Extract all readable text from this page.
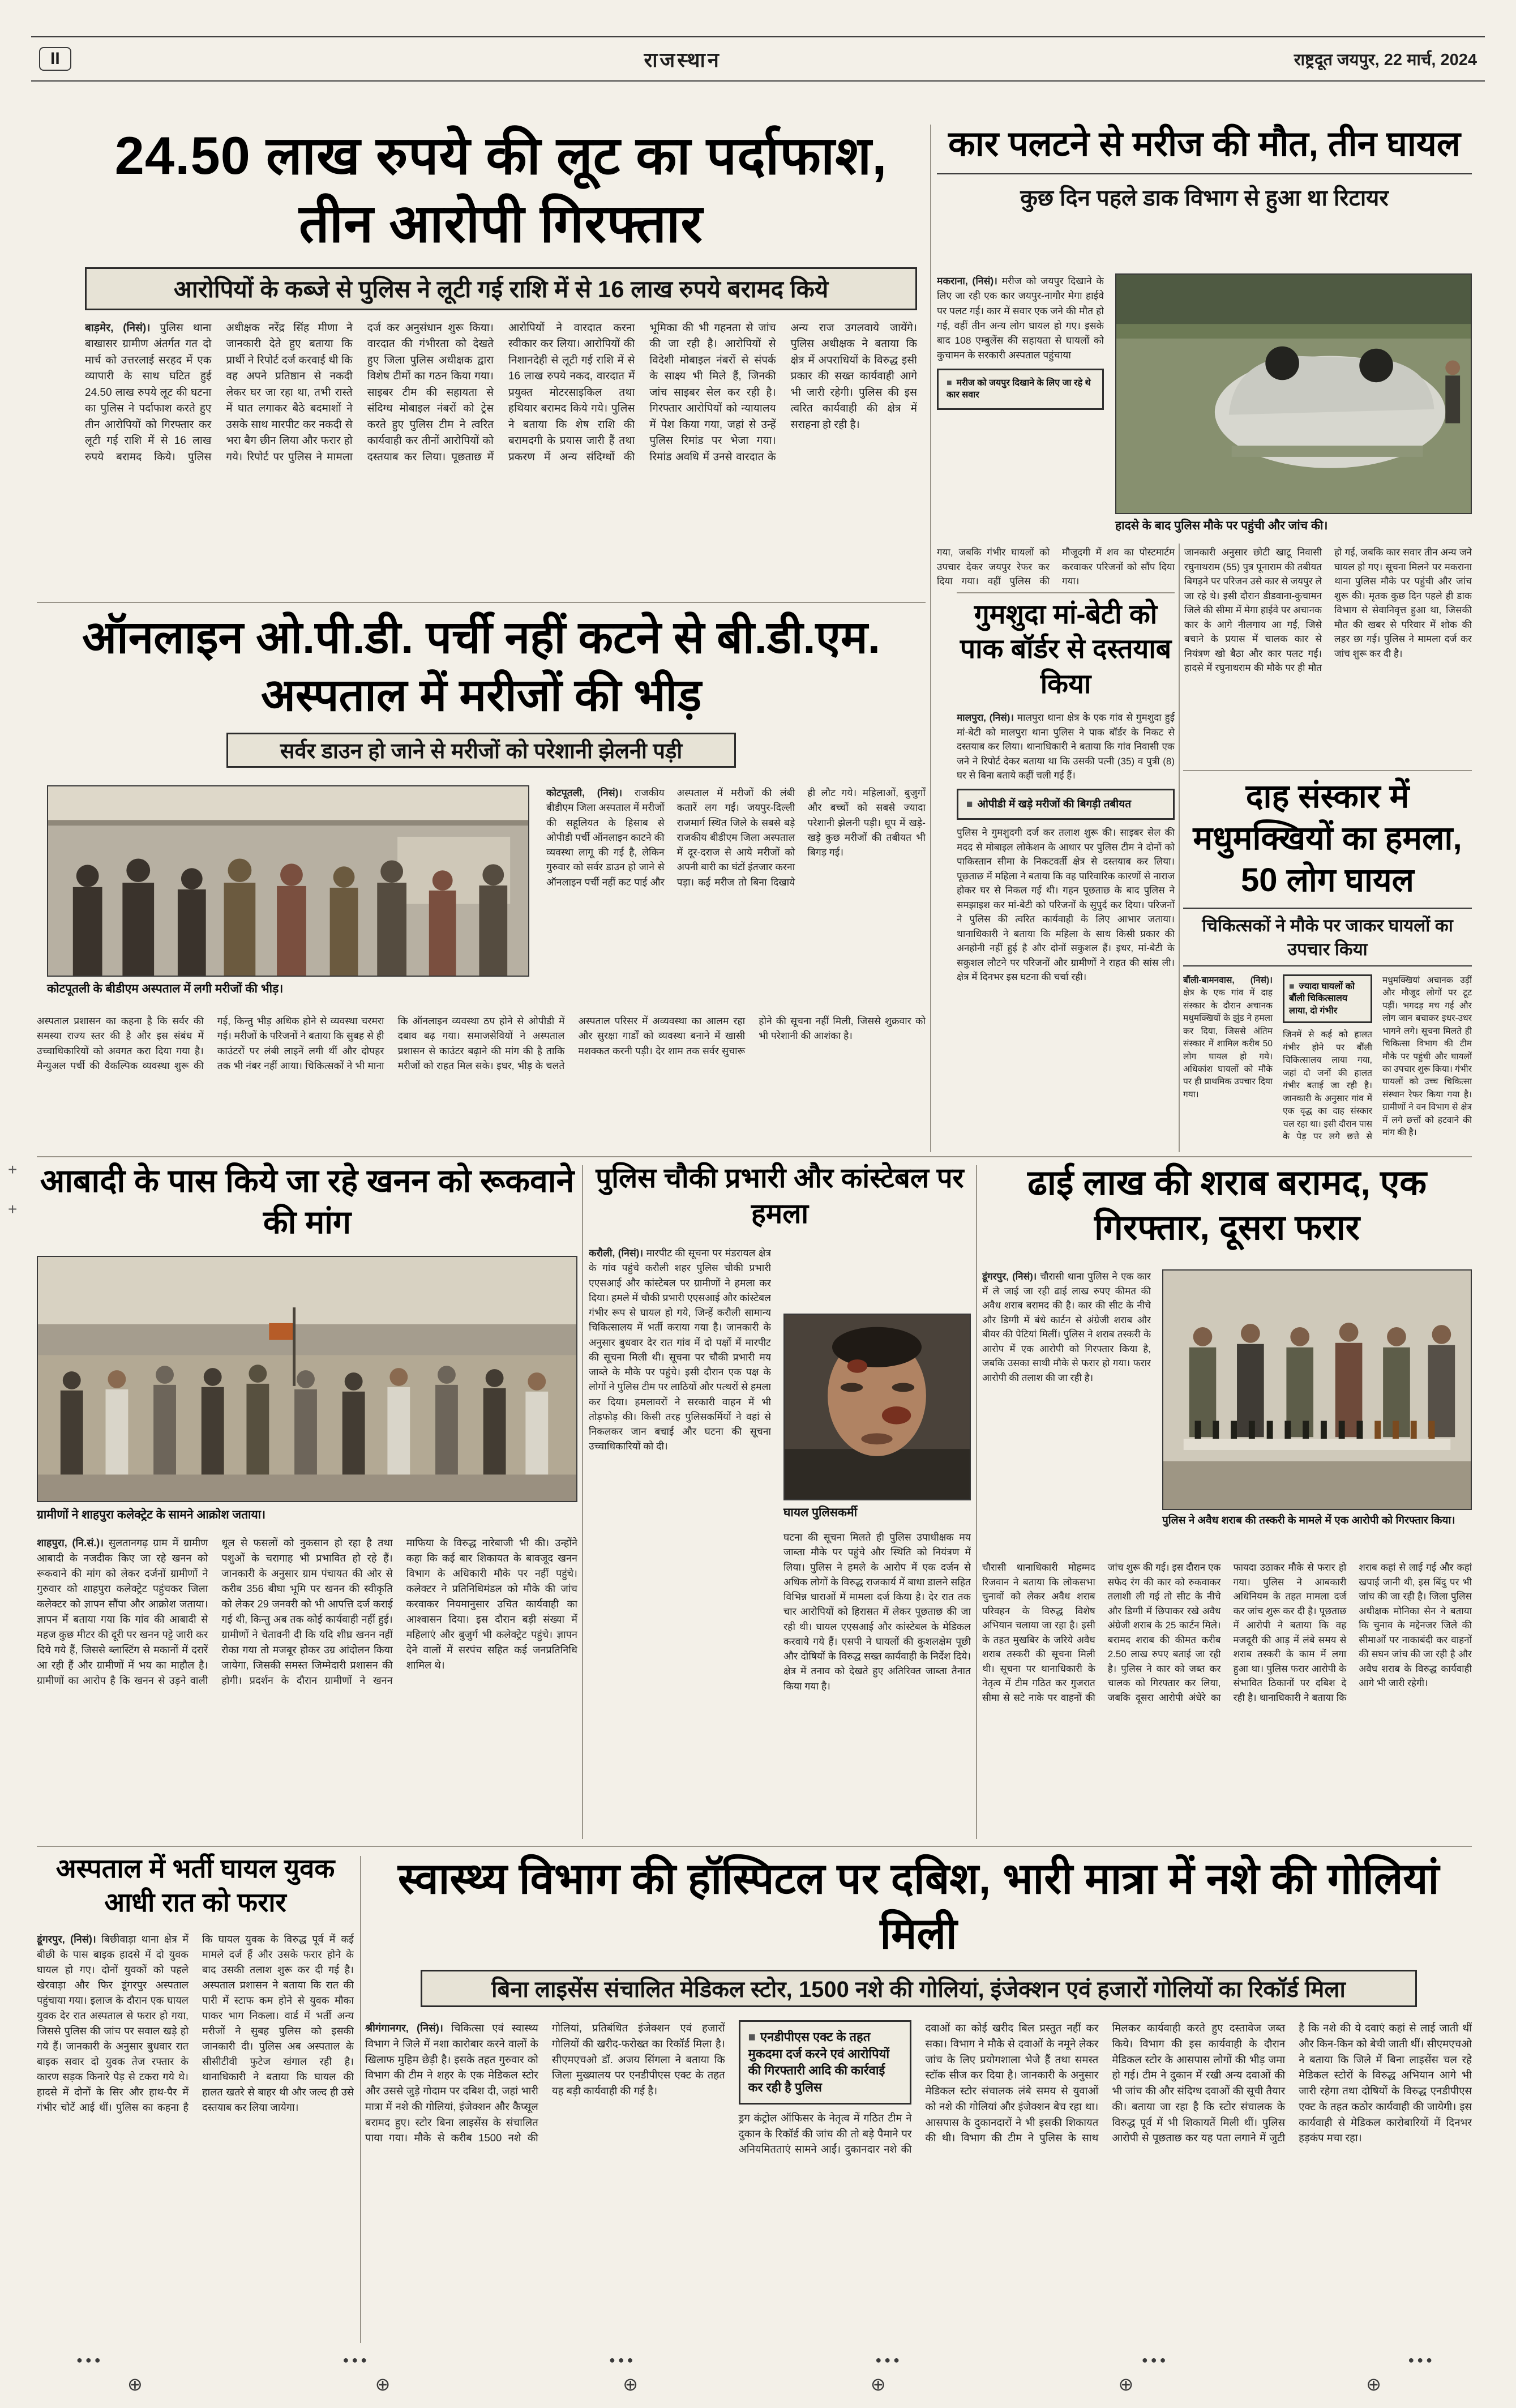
II	राजस्थान	राष्ट्रदूत जयपुर, 22 मार्च, 2024
+
+
24.50 लाख रुपये की लूट का पर्दाफाश, तीन आरोपी गिरफ्तार
आरोपियों के कब्जे से पुलिस ने लूटी गई राशि में से 16 लाख रुपये बरामद किये

बाड़मेर, (निसं)। पुलिस थाना बाखासर ग्रामीण अंतर्गत गत दो मार्च को उत्तरलाई सरहद में एक व्यापारी के साथ घटित हुई 24.50 लाख रुपये लूट की घटना का पुलिस ने पर्दाफाश करते हुए तीन आरोपियों को गिरफ्तार कर लूटी गई राशि में से 16 लाख रुपये बरामद किये। पुलिस अधीक्षक नरेंद्र सिंह मीणा ने जानकारी देते हुए बताया कि प्रार्थी ने रिपोर्ट दर्ज करवाई थी कि वह अपने प्रतिष्ठान से नकदी लेकर घर जा रहा था, तभी रास्ते में घात लगाकर बैठे बदमाशों ने उसके साथ मारपीट कर नकदी से भरा बैग छीन लिया और फरार हो गये। रिपोर्ट पर पुलिस ने मामला दर्ज कर अनुसंधान शुरू किया। वारदात की गंभीरता को देखते हुए जिला पुलिस अधीक्षक द्वारा विशेष टीमों का गठन किया गया। साइबर टीम की सहायता से संदिग्ध मोबाइल नंबरों को ट्रेस करते हुए पुलिस टीम ने त्वरित कार्यवाही कर तीनों आरोपियों को दस्तयाब कर लिया। पूछताछ में आरोपियों ने वारदात करना स्वीकार कर लिया। आरोपियों की निशानदेही से लूटी गई राशि में से 16 लाख रुपये नकद, वारदात में प्रयुक्त मोटरसाइकिल तथा हथियार बरामद किये गये। पुलिस ने बताया कि शेष राशि की बरामदगी के प्रयास जारी हैं तथा प्रकरण में अन्य संदिग्धों की भूमिका की भी गहनता से जांच की जा रही है। आरोपियों से विदेशी मोबाइल नंबरों से संपर्क के साक्ष्य भी मिले हैं, जिनकी जांच साइबर सेल कर रही है। गिरफ्तार आरोपियों को न्यायालय में पेश किया गया, जहां से उन्हें पुलिस रिमांड पर भेजा गया। रिमांड अवधि में उनसे वारदात के अन्य राज उगलवाये जायेंगे। पुलिस अधीक्षक ने बताया कि क्षेत्र में अपराधियों के विरुद्ध इसी प्रकार की सख्त कार्यवाही आगे भी जारी रहेगी। पुलिस की इस त्वरित कार्यवाही की क्षेत्र में सराहना हो रही है।

कार पलटने से मरीज की मौत, तीन घायल
कुछ दिन पहले डाक विभाग से हुआ था रिटायर

मकराना, (निसं)। मरीज को जयपुर दिखाने के लिए जा रही एक कार जयपुर-नागौर मेगा हाईवे पर पलट गई। कार में सवार एक जने की मौत हो गई, वहीं तीन अन्य लोग घायल हो गए। इसके बाद 108 एम्बुलेंस की सहायता से घायलों को कुचामन के सरकारी अस्पताल पहुंचाया

■ मरीज को जयपुर दिखाने के लिए जा रहे थे कार सवार
हादसे के बाद पुलिस मौके पर पहुंची और जांच की।

गया, जबकि गंभीर घायलों को उपचार देकर जयपुर रेफर कर दिया गया। वहीं पुलिस की मौजूदगी में शव का पोस्टमार्टम करवाकर परिजनों को सौंप दिया गया।

जानकारी अनुसार छोटी खाटू निवासी रघुनाथराम (55) पुत्र पूनाराम की तबीयत बिगड़ने पर परिजन उसे कार से जयपुर ले जा रहे थे। इसी दौरान डीडवाना-कुचामन जिले की सीमा में मेगा हाईवे पर अचानक कार के आगे नीलगाय आ गई, जिसे बचाने के प्रयास में चालक कार से नियंत्रण खो बैठा और कार पलट गई। हादसे में रघुनाथराम की मौके पर ही मौत हो गई, जबकि कार सवार तीन अन्य जने घायल हो गए। सूचना मिलने पर मकराना थाना पुलिस मौके पर पहुंची और जांच शुरू की। मृतक कुछ दिन पहले ही डाक विभाग से सेवानिवृत्त हुआ था, जिसकी मौत की खबर से परिवार में शोक की लहर छा गई। पुलिस ने मामला दर्ज कर जांच शुरू कर दी है।

ऑनलाइन ओ.पी.डी. पर्ची नहीं कटने से बी.डी.एम. अस्पताल में मरीजों की भीड़
सर्वर डाउन हो जाने से मरीजों को परेशानी झेलनी पड़ी
कोटपूतली के बीडीएम अस्पताल में लगी मरीजों की भीड़।

कोटपूतली, (निसं)। राजकीय बीडीएम जिला अस्पताल में मरीजों की सहूलियत के हिसाब से ओपीडी पर्ची ऑनलाइन काटने की व्यवस्था लागू की गई है, लेकिन गुरुवार को सर्वर डाउन हो जाने से ऑनलाइन पर्ची नहीं कट पाई और अस्पताल में मरीजों की लंबी कतारें लग गईं। जयपुर-दिल्ली राजमार्ग स्थित जिले के सबसे बड़े राजकीय बीडीएम जिला अस्पताल में दूर-दराज से आये मरीजों को अपनी बारी का घंटों इंतजार करना पड़ा। कई मरीज तो बिना दिखाये ही लौट गये। महिलाओं, बुजुर्गों और बच्चों को सबसे ज्यादा परेशानी झेलनी पड़ी। धूप में खड़े-खड़े कुछ मरीजों की तबीयत भी बिगड़ गई।

अस्पताल प्रशासन का कहना है कि सर्वर की समस्या राज्य स्तर की है और इस संबंध में उच्चाधिकारियों को अवगत करा दिया गया है। मैन्युअल पर्ची की वैकल्पिक व्यवस्था शुरू की गई, किन्तु भीड़ अधिक होने से व्यवस्था चरमरा गई। मरीजों के परिजनों ने बताया कि सुबह से ही काउंटरों पर लंबी लाइनें लगी थीं और दोपहर तक भी नंबर नहीं आया। चिकित्सकों ने भी माना कि ऑनलाइन व्यवस्था ठप होने से ओपीडी में दबाव बढ़ गया। समाजसेवियों ने अस्पताल प्रशासन से काउंटर बढ़ाने की मांग की है ताकि मरीजों को राहत मिल सके। इधर, भीड़ के चलते अस्पताल परिसर में अव्यवस्था का आलम रहा और सुरक्षा गार्डों को व्यवस्था बनाने में खासी मशक्कत करनी पड़ी। देर शाम तक सर्वर सुचारू होने की सूचना नहीं मिली, जिससे शुक्रवार को भी परेशानी की आशंका है।

गुमशुदा मां-बेटी को पाक बॉर्डर से दस्तयाब किया

मालपुरा, (निसं)। मालपुरा थाना क्षेत्र के एक गांव से गुमशुदा हुई मां-बेटी को मालपुरा थाना पुलिस ने पाक बॉर्डर के निकट से दस्तयाब कर लिया। थानाधिकारी ने बताया कि गांव निवासी एक जने ने रिपोर्ट देकर बताया था कि उसकी पत्नी (35) व पुत्री (8) घर से बिना बताये कहीं चली गई हैं।

■ ओपीडी में खड़े मरीजों की बिगड़ी तबीयत

पुलिस ने गुमशुदगी दर्ज कर तलाश शुरू की। साइबर सेल की मदद से मोबाइल लोकेशन के आधार पर पुलिस टीम ने दोनों को पाकिस्तान सीमा के निकटवर्ती क्षेत्र से दस्तयाब कर लिया। पूछताछ में महिला ने बताया कि वह पारिवारिक कारणों से नाराज होकर घर से निकल गई थी। गहन पूछताछ के बाद पुलिस ने समझाइश कर मां-बेटी को परिजनों के सुपुर्द कर दिया। परिजनों ने पुलिस की त्वरित कार्यवाही के लिए आभार जताया। थानाधिकारी ने बताया कि महिला के साथ किसी प्रकार की अनहोनी नहीं हुई है और दोनों सकुशल हैं। इधर, मां-बेटी के सकुशल लौटने पर परिजनों और ग्रामीणों ने राहत की सांस ली। क्षेत्र में दिनभर इस घटना की चर्चा रही।

दाह संस्कार में मधुमक्खियों का हमला, 50 लोग घायल
चिकित्सकों ने मौके पर जाकर घायलों का उपचार किया

बौंली-बामनवास, (निसं)। क्षेत्र के एक गांव में दाह संस्कार के दौरान अचानक मधुमक्खियों के झुंड ने हमला कर दिया, जिससे अंतिम संस्कार में शामिल करीब 50 लोग घायल हो गये। अधिकांश घायलों को मौके पर ही प्राथमिक उपचार दिया गया।

■ ज्यादा घायलों को बौंली चिकित्सालय लाया, दो गंभीर

जिनमें से कई को हालत गंभीर होने पर बौंली चिकित्सालय लाया गया, जहां दो जनों की हालत गंभीर बताई जा रही है। जानकारी के अनुसार गांव में एक वृद्ध का दाह संस्कार चल रहा था। इसी दौरान पास के पेड़ पर लगे छत्ते से मधुमक्खियां अचानक उड़ीं और मौजूद लोगों पर टूट पड़ीं। भगदड़ मच गई और लोग जान बचाकर इधर-उधर भागने लगे। सूचना मिलते ही चिकित्सा विभाग की टीम मौके पर पहुंची और घायलों का उपचार शुरू किया। गंभीर घायलों को उच्च चिकित्सा संस्थान रेफर किया गया है। ग्रामीणों ने वन विभाग से क्षेत्र में लगे छत्तों को हटवाने की मांग की है।

आबादी के पास किये जा रहे खनन को रूकवाने की मांग
ग्रामीणों ने शाहपुरा कलेक्ट्रेट के सामने आक्रोश जताया।

शाहपुरा, (नि.सं.)। सुलतानगढ़ ग्राम में ग्रामीण आबादी के नजदीक किए जा रहे खनन को रूकवाने की मांग को लेकर दर्जनों ग्रामीणों ने गुरुवार को शाहपुरा कलेक्ट्रेट पहुंचकर जिला कलेक्टर को ज्ञापन सौंपा और आक्रोश जताया। ज्ञापन में बताया गया कि गांव की आबादी से महज कुछ मीटर की दूरी पर खनन पट्टे जारी कर दिये गये हैं, जिससे ब्लास्टिंग से मकानों में दरारें आ रही हैं और ग्रामीणों में भय का माहौल है। ग्रामीणों का आरोप है कि खनन से उड़ने वाली धूल से फसलों को नुकसान हो रहा है तथा पशुओं के चरागाह भी प्रभावित हो रहे हैं। जानकारी के अनुसार ग्राम पंचायत की ओर से करीब 356 बीघा भूमि पर खनन की स्वीकृति को लेकर 29 जनवरी को भी आपत्ति दर्ज कराई गई थी, किन्तु अब तक कोई कार्यवाही नहीं हुई। ग्रामीणों ने चेतावनी दी कि यदि शीघ्र खनन नहीं रोका गया तो मजबूर होकर उग्र आंदोलन किया जायेगा, जिसकी समस्त जिम्मेदारी प्रशासन की होगी। प्रदर्शन के दौरान ग्रामीणों ने खनन माफिया के विरुद्ध नारेबाजी भी की। उन्होंने कहा कि कई बार शिकायत के बावजूद खनन विभाग के अधिकारी मौके पर नहीं पहुंचे। कलेक्टर ने प्रतिनिधिमंडल को मौके की जांच करवाकर नियमानुसार उचित कार्यवाही का आश्वासन दिया। इस दौरान बड़ी संख्या में महिलाएं और बुजुर्ग भी कलेक्ट्रेट पहुंचे। ज्ञापन देने वालों में सरपंच सहित कई जनप्रतिनिधि शामिल थे।

पुलिस चौकी प्रभारी और कांस्टेबल पर हमला

करौली, (निसं)। मारपीट की सूचना पर मंडरायल क्षेत्र के गांव पहुंचे करौली शहर पुलिस चौकी प्रभारी एएसआई और कांस्टेबल पर ग्रामीणों ने हमला कर दिया। हमले में चौकी प्रभारी एएसआई और कांस्टेबल गंभीर रूप से घायल हो गये, जिन्हें करौली सामान्य चिकित्सालय में भर्ती कराया गया है। जानकारी के अनुसार बुधवार देर रात गांव में दो पक्षों में मारपीट की सूचना मिली थी। सूचना पर चौकी प्रभारी मय जाब्ते के मौके पर पहुंचे। इसी दौरान एक पक्ष के लोगों ने पुलिस टीम पर लाठियों और पत्थरों से हमला कर दिया। हमलावरों ने सरकारी वाहन में भी तोड़फोड़ की। किसी तरह पुलिसकर्मियों ने वहां से निकलकर जान बचाई और घटना की सूचना उच्चाधिकारियों को दी।

घायल पुलिसकर्मी

घटना की सूचना मिलते ही पुलिस उपाधीक्षक मय जाब्ता मौके पर पहुंचे और स्थिति को नियंत्रण में लिया। पुलिस ने हमले के आरोप में एक दर्जन से अधिक लोगों के विरुद्ध राजकार्य में बाधा डालने सहित विभिन्न धाराओं में मामला दर्ज किया है। देर रात तक चार आरोपियों को हिरासत में लेकर पूछताछ की जा रही थी। घायल एएसआई और कांस्टेबल के मेडिकल करवाये गये हैं। एसपी ने घायलों की कुशलक्षेम पूछी और दोषियों के विरुद्ध सख्त कार्यवाही के निर्देश दिये। क्षेत्र में तनाव को देखते हुए अतिरिक्त जाब्ता तैनात किया गया है।

ढाई लाख की शराब बरामद, एक गिरफ्तार, दूसरा फरार

डूंगरपुर, (निसं)। चौरासी थाना पुलिस ने एक कार में ले जाई जा रही ढाई लाख रुपए कीमत की अवैध शराब बरामद की है। कार की सीट के नीचे और डिग्गी में बंधे कार्टन से अंग्रेजी शराब और बीयर की पेटियां मिलीं। पुलिस ने शराब तस्करी के आरोप में एक आरोपी को गिरफ्तार किया है, जबकि उसका साथी मौके से फरार हो गया। फरार आरोपी की तलाश की जा रही है।

पुलिस ने अवैध शराब की तस्करी के मामले में एक आरोपी को गिरफ्तार किया।

चौरासी थानाधिकारी मोहम्मद रिजवान ने बताया कि लोकसभा चुनावों को लेकर अवैध शराब परिवहन के विरुद्ध विशेष अभियान चलाया जा रहा है। इसी के तहत मुखबिर के जरिये अवैध शराब तस्करी की सूचना मिली थी। सूचना पर थानाधिकारी के नेतृत्व में टीम गठित कर गुजरात सीमा से सटे नाके पर वाहनों की जांच शुरू की गई। इस दौरान एक सफेद रंग की कार को रुकवाकर तलाशी ली गई तो सीट के नीचे और डिग्गी में छिपाकर रखे अवैध अंग्रेजी शराब के 25 कार्टन मिले। बरामद शराब की कीमत करीब 2.50 लाख रुपए बताई जा रही है। पुलिस ने कार को जब्त कर चालक को गिरफ्तार कर लिया, जबकि दूसरा आरोपी अंधेरे का फायदा उठाकर मौके से फरार हो गया। पुलिस ने आबकारी अधिनियम के तहत मामला दर्ज कर जांच शुरू कर दी है। पूछताछ में आरोपी ने बताया कि वह मजदूरी की आड़ में लंबे समय से शराब तस्करी के काम में लगा हुआ था। पुलिस फरार आरोपी के संभावित ठिकानों पर दबिश दे रही है। थानाधिकारी ने बताया कि शराब कहां से लाई गई और कहां खपाई जानी थी, इस बिंदु पर भी जांच की जा रही है। जिला पुलिस अधीक्षक मोनिका सेन ने बताया कि चुनाव के मद्देनजर जिले की सीमाओं पर नाकाबंदी कर वाहनों की सघन जांच की जा रही है और अवैध शराब के विरुद्ध कार्यवाही आगे भी जारी रहेगी।

अस्पताल में भर्ती घायल युवक आधी रात को फरार

डूंगरपुर, (निसं)। बिछीवाड़ा थाना क्षेत्र में बीछी के पास बाइक हादसे में दो युवक घायल हो गए। दोनों युवकों को पहले खेरवाड़ा और फिर डूंगरपुर अस्पताल पहुंचाया गया। इलाज के दौरान एक घायल युवक देर रात अस्पताल से फरार हो गया, जिससे पुलिस की जांच पर सवाल खड़े हो गये हैं। जानकारी के अनुसार बुधवार रात बाइक सवार दो युवक तेज रफ्तार के कारण सड़क किनारे पेड़ से टकरा गये थे। हादसे में दोनों के सिर और हाथ-पैर में गंभीर चोटें आई थीं। पुलिस का कहना है कि घायल युवक के विरुद्ध पूर्व में कई मामले दर्ज हैं और उसके फरार होने के बाद उसकी तलाश शुरू कर दी गई है। अस्पताल प्रशासन ने बताया कि रात की पारी में स्टाफ कम होने से युवक मौका पाकर भाग निकला। वार्ड में भर्ती अन्य मरीजों ने सुबह पुलिस को इसकी जानकारी दी। पुलिस अब अस्पताल के सीसीटीवी फुटेज खंगाल रही है। थानाधिकारी ने बताया कि घायल की हालत खतरे से बाहर थी और जल्द ही उसे दस्तयाब कर लिया जायेगा।

स्वास्थ्य विभाग की हॉस्पिटल पर दबिश, भारी मात्रा में नशे की गोलियां मिली
बिना लाइसेंस संचालित मेडिकल स्टोर, 1500 नशे की गोलियां, इंजेक्शन एवं हजारों गोलियों का रिकॉर्ड मिला

श्रीगंगानगर, (निसं)। चिकित्सा एवं स्वास्थ्य विभाग ने जिले में नशा कारोबार करने वालों के खिलाफ मुहिम छेड़ी है। इसके तहत गुरुवार को विभाग की टीम ने शहर के एक मेडिकल स्टोर और उससे जुड़े गोदाम पर दबिश दी, जहां भारी मात्रा में नशे की गोलियां, इंजेक्शन और कैप्सूल बरामद हुए। स्टोर बिना लाइसेंस के संचालित पाया गया। मौके से करीब 1500 नशे की गोलियां, प्रतिबंधित इंजेक्शन एवं हजारों गोलियों की खरीद-फरोख्त का रिकॉर्ड मिला है। सीएमएचओ डॉ. अजय सिंगला ने बताया कि जिला मुख्यालय पर एनडीपीएस एक्ट के तहत यह बड़ी कार्यवाही की गई है।

■ एनडीपीएस एक्ट के तहत मुकदमा दर्ज करने एवं आरोपियों की गिरफ्तारी आदि की कार्रवाई कर रही है पुलिस

ड्रग कंट्रोल ऑफिसर के नेतृत्व में गठित टीम ने दुकान के रिकॉर्ड की जांच की तो बड़े पैमाने पर अनियमितताएं सामने आईं। दुकानदार नशे की दवाओं का कोई खरीद बिल प्रस्तुत नहीं कर सका। विभाग ने मौके से दवाओं के नमूने लेकर जांच के लिए प्रयोगशाला भेजे हैं तथा समस्त स्टॉक सीज कर दिया है। जानकारी के अनुसार मेडिकल स्टोर संचालक लंबे समय से युवाओं को नशे की गोलियां और इंजेक्शन बेच रहा था। आसपास के दुकानदारों ने भी इसकी शिकायत की थी। विभाग की टीम ने पुलिस के साथ मिलकर कार्यवाही करते हुए दस्तावेज जब्त किये। विभाग की इस कार्यवाही के दौरान मेडिकल स्टोर के आसपास लोगों की भीड़ जमा हो गई। टीम ने दुकान में रखी अन्य दवाओं की भी जांच की और संदिग्ध दवाओं की सूची तैयार की। बताया जा रहा है कि स्टोर संचालक के विरुद्ध पूर्व में भी शिकायतें मिली थीं। पुलिस आरोपी से पूछताछ कर यह पता लगाने में जुटी है कि नशे की ये दवाएं कहां से लाई जाती थीं और किन-किन को बेची जाती थीं। सीएमएचओ ने बताया कि जिले में बिना लाइसेंस चल रहे मेडिकल स्टोरों के विरुद्ध अभियान आगे भी जारी रहेगा तथा दोषियों के विरुद्ध एनडीपीएस एक्ट के तहत कठोर कार्यवाही की जायेगी। इस कार्यवाही से मेडिकल कारोबारियों में दिनभर हड़कंप मचा रहा।

● ● ●	● ● ●	● ● ●	● ● ●	● ● ●	● ● ●
⊕	⊕	⊕	⊕	⊕	⊕
